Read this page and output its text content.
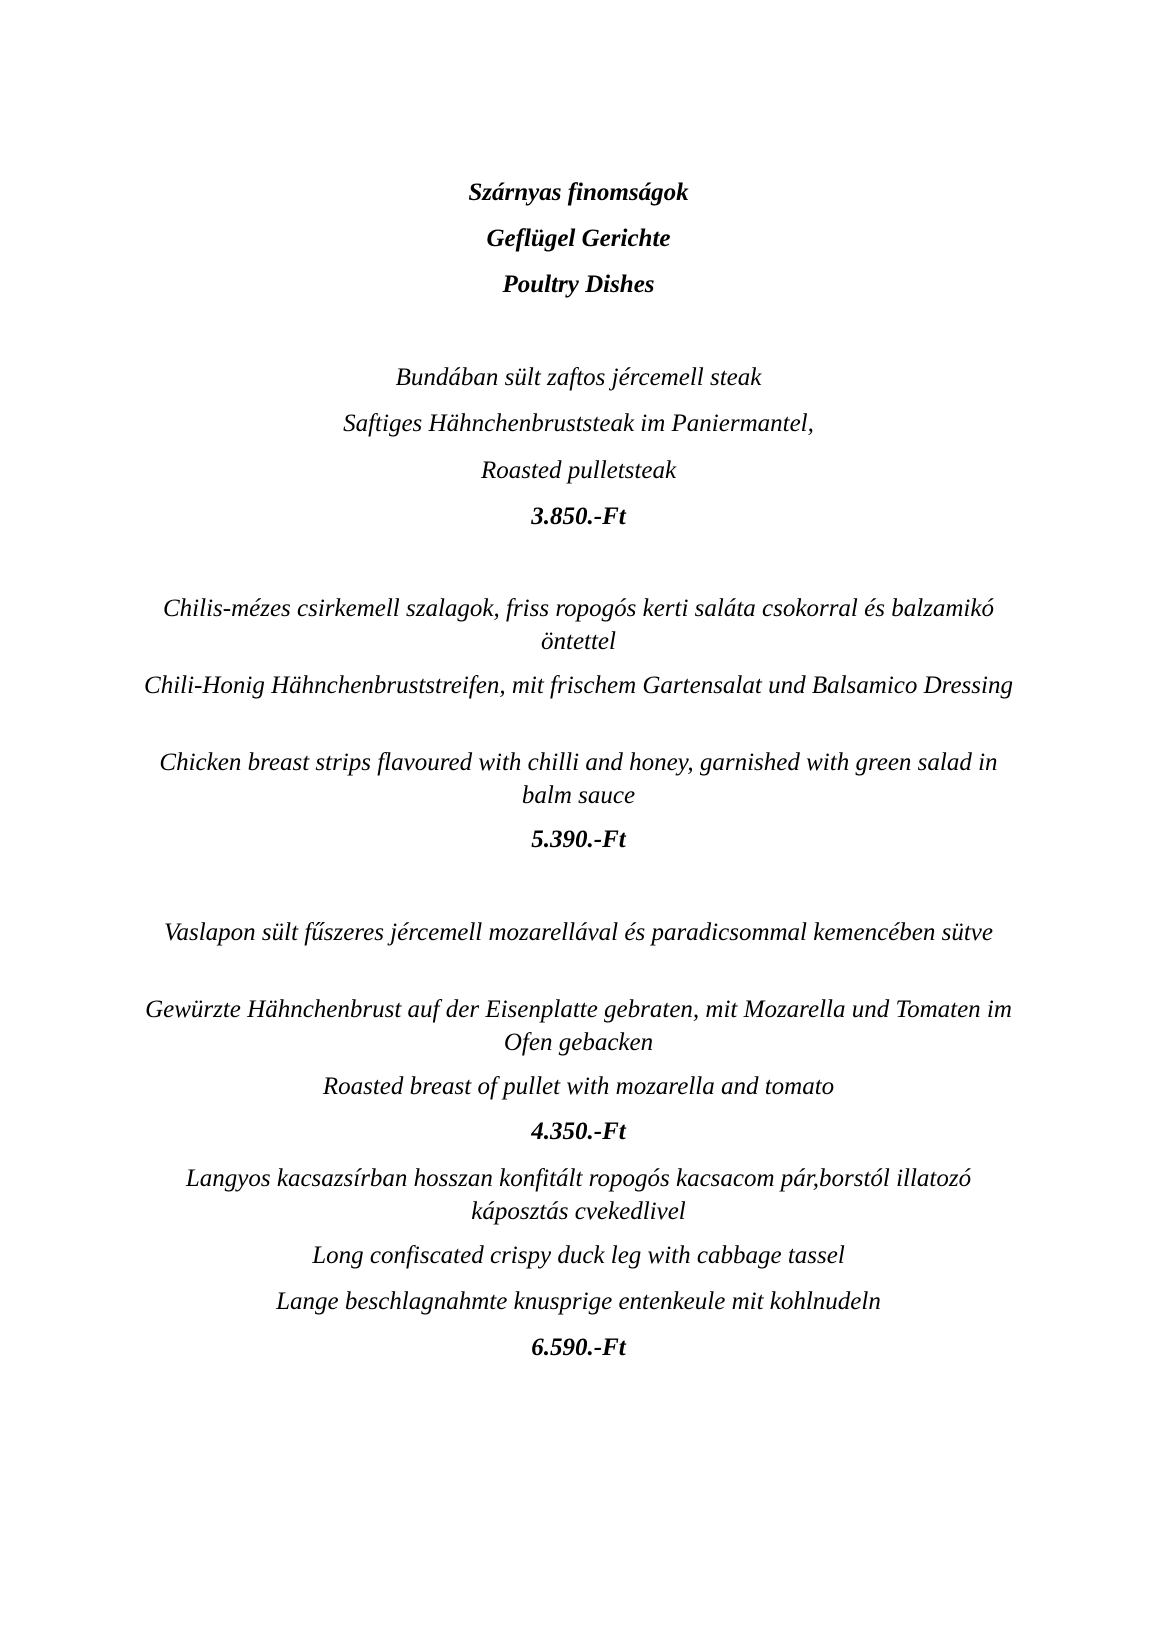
Szárnyas finomságok
Geflügel Gerichte
Poultry Dishes
Bundában sült zaftos jércemell steak
Saftiges Hähnchenbruststeak im Paniermantel,
Roasted pulletsteak
3.850.-Ft
Chilis-mézes csirkemell szalagok, friss ropogós kerti saláta csokorral és balzamikó öntettel
Chili-Honig Hähnchenbruststreifen, mit frischem Gartensalat und Balsamico Dressing
Chicken breast strips flavoured with chilli and honey, garnished with green salad in balm sauce
5.390.-Ft
Vaslapon sült fűszeres jércemell mozarellával és paradicsommal kemencében sütve
Gewürzte Hähnchenbrust auf der Eisenplatte gebraten, mit Mozarella und Tomaten im Ofen gebacken
Roasted breast of pullet with mozarella and tomato
4.350.-Ft
Langyos kacsazsírban hosszan konfitált ropogós kacsacom pár,borstól illatozó káposztás cvekedlivel
Long confiscated crispy duck leg with cabbage tassel
Lange beschlagnahmte knusprige entenkeule mit kohlnudeln
6.590.-Ft
